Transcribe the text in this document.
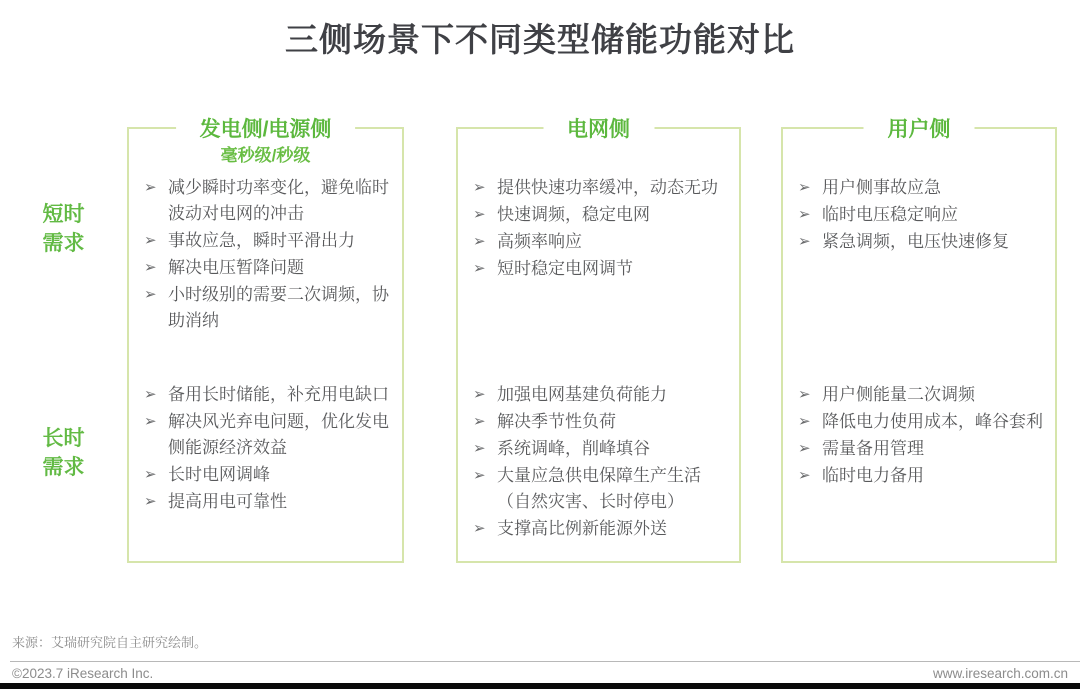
三侧场景下不同类型储能功能对比
短时需求
长时需求
发电侧/电源侧
毫秒级/秒级
➢ 减少瞬时功率变化，避免临时波动对电网的冲击
➢ 事故应急，瞬时平滑出力
➢ 解决电压暂降问题
➢ 小时级别的需要二次调频，协助消纳
➢ 备用长时储能，补充用电缺口
➢ 解决风光弃电问题，优化发电侧能源经济效益
➢ 长时电网调峰
➢ 提高用电可靠性
电网侧
➢ 提供快速功率缓冲，动态无功
➢ 快速调频，稳定电网
➢ 高频率响应
➢ 短时稳定电网调节
➢ 加强电网基建负荷能力
➢ 解决季节性负荷
➢ 系统调峰，削峰填谷
➢ 大量应急供电保障生产生活（自然灾害、长时停电）
➢ 支撑高比例新能源外送
用户侧
➢ 用户侧事故应急
➢ 临时电压稳定响应
➢ 紧急调频，电压快速修复
➢ 用户侧能量二次调频
➢ 降低电力使用成本，峰谷套利
➢ 需量备用管理
➢ 临时电力备用
来源：艾瑞研究院自主研究绘制。
©2023.7 iResearch Inc.	www.iresearch.com.cn
